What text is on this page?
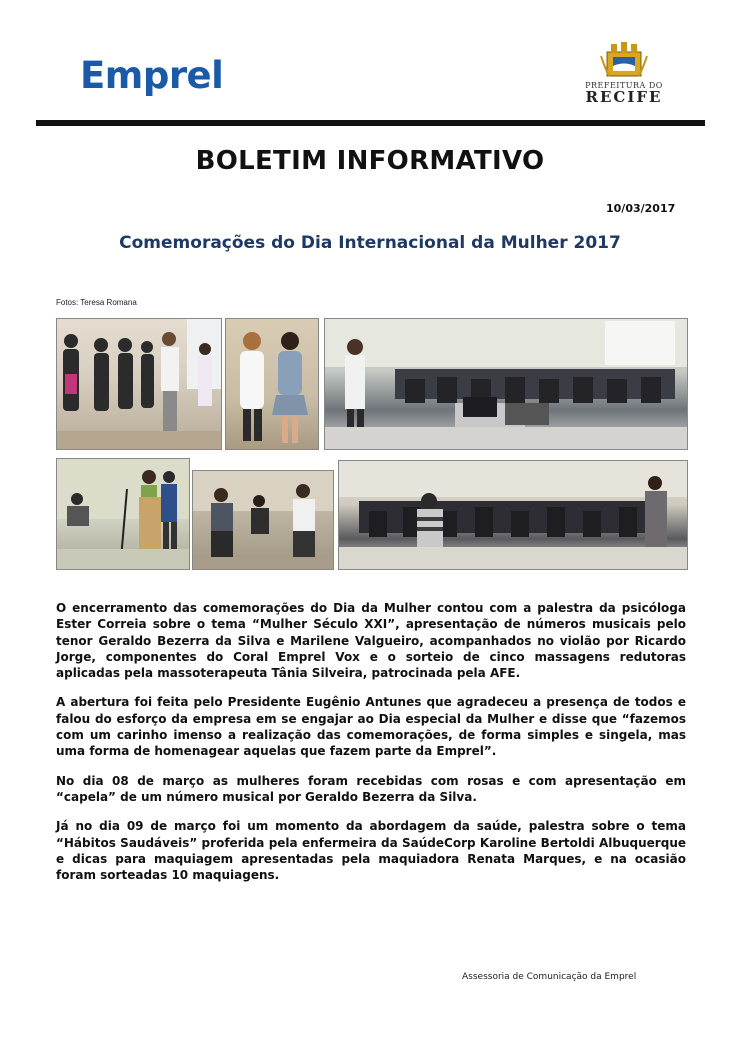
Emprel	PREFEITURA DO
RECIFE
BOLETIM INFORMATIVO
10/03/2017
Comemorações do Dia Internacional da Mulher 2017
Fotos: Teresa Romana

O encerramento das comemorações do Dia da Mulher contou com a palestra da psicóloga Ester Correia sobre o tema “Mulher Século XXI”, apresentação de números musicais pelo tenor Geraldo Bezerra da Silva e Marilene Valgueiro, acompanhados no violão por Ricardo Jorge, componentes do Coral Emprel Vox e o sorteio de cinco massagens redutoras aplicadas pela massoterapeuta Tânia Silveira, patrocinada pela AFE.

A abertura foi feita pelo Presidente Eugênio Antunes que agradeceu a presença de todos e falou do esforço da empresa em se engajar ao Dia especial da Mulher e disse que “fazemos com um carinho imenso a realização das comemorações, de forma simples e singela, mas uma forma de homenagear aquelas que fazem parte da Emprel”.

No dia 08 de março as mulheres foram recebidas com rosas e com apresentação em “capela” de um número musical por Geraldo Bezerra da Silva.

Já no dia 09 de março foi um momento da abordagem da saúde, palestra sobre o tema “Hábitos Saudáveis” proferida pela enfermeira da SaúdeCorp Karoline Bertoldi Albuquerque e dicas para maquiagem apresentadas pela maquiadora Renata Marques, e na ocasião foram sorteadas 10 maquiagens.

Assessoria de Comunicação da Emprel
